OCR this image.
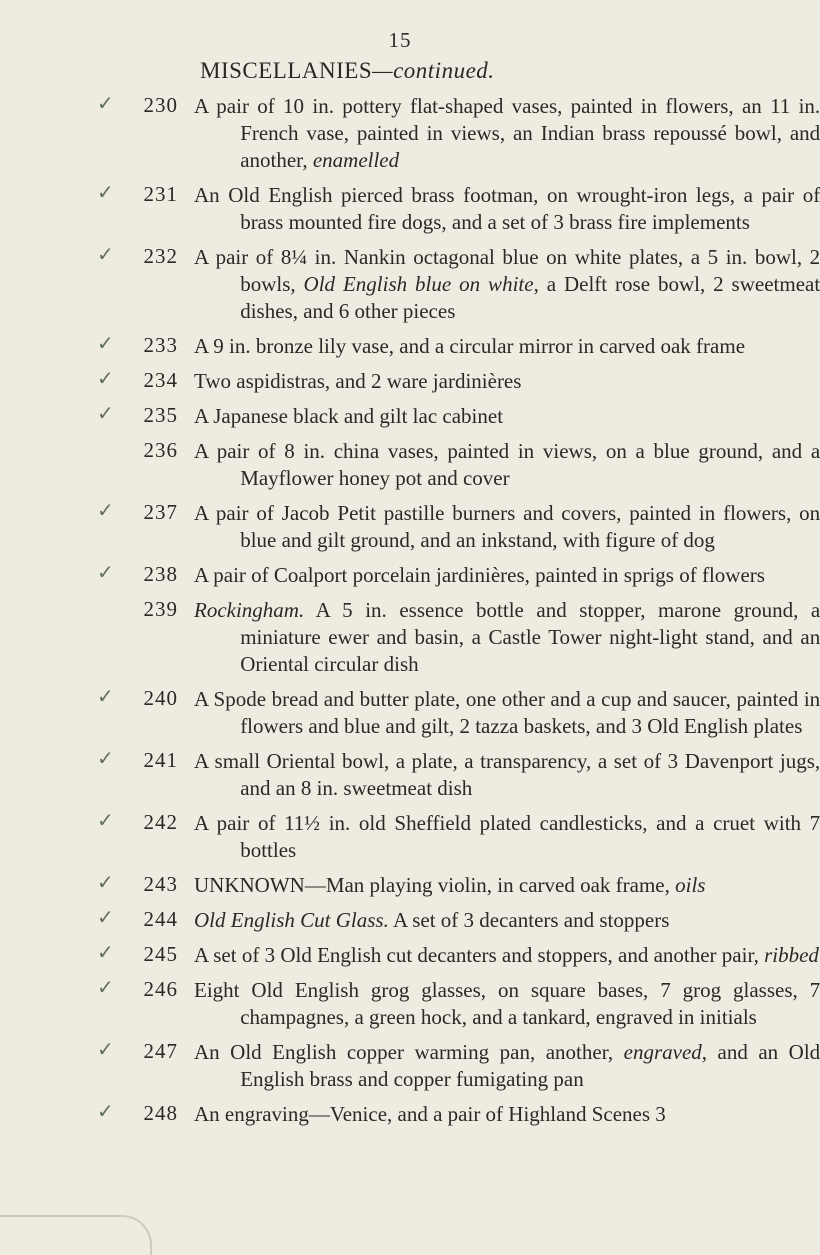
15
MISCELLANIES—continued.
✓	230 A pair of 10 in. pottery flat-shaped vases, painted in flowers, an 11 in. French vase, painted in views, an Indian brass repoussé bowl, and another, enamelled
✓	231 An Old English pierced brass footman, on wrought-iron legs, a pair of brass mounted fire dogs, and a set of 3 brass fire implements
✓	232 A pair of 8¼ in. Nankin octagonal blue on white plates, a 5 in. bowl, 2 bowls, Old English blue on white, a Delft rose bowl, 2 sweetmeat dishes, and 6 other pieces
✓	233 A 9 in. bronze lily vase, and a circular mirror in carved oak frame
✓	234 Two aspidistras, and 2 ware jardinières
✓	235 A Japanese black and gilt lac cabinet
236 A pair of 8 in. china vases, painted in views, on a blue ground, and a Mayflower honey pot and cover
✓	237 A pair of Jacob Petit pastille burners and covers, painted in flowers, on blue and gilt ground, and an inkstand, with figure of dog
✓	238 A pair of Coalport porcelain jardinières, painted in sprigs of flowers
239 Rockingham. A 5 in. essence bottle and stopper, marone ground, a miniature ewer and basin, a Castle Tower night-light stand, and an Oriental circular dish
✓	240 A Spode bread and butter plate, one other and a cup and saucer, painted in flowers and blue and gilt, 2 tazza baskets, and 3 Old English plates
✓	241 A small Oriental bowl, a plate, a transparency, a set of 3 Davenport jugs, and an 8 in. sweetmeat dish
✓	242 A pair of 11½ in. old Sheffield plated candlesticks, and a cruet with 7 bottles
✓	243 UNKNOWN—Man playing violin, in carved oak frame, oils
✓	244 Old English Cut Glass. A set of 3 decanters and stoppers
✓	245 A set of 3 Old English cut decanters and stoppers, and another pair, ribbed
✓	246 Eight Old English grog glasses, on square bases, 7 grog glasses, 7 champagnes, a green hock, and a tankard, engraved in initials
✓	247 An Old English copper warming pan, another, engraved, and an Old English brass and copper fumigating pan
✓	248 An engraving—Venice, and a pair of Highland Scenes 3
